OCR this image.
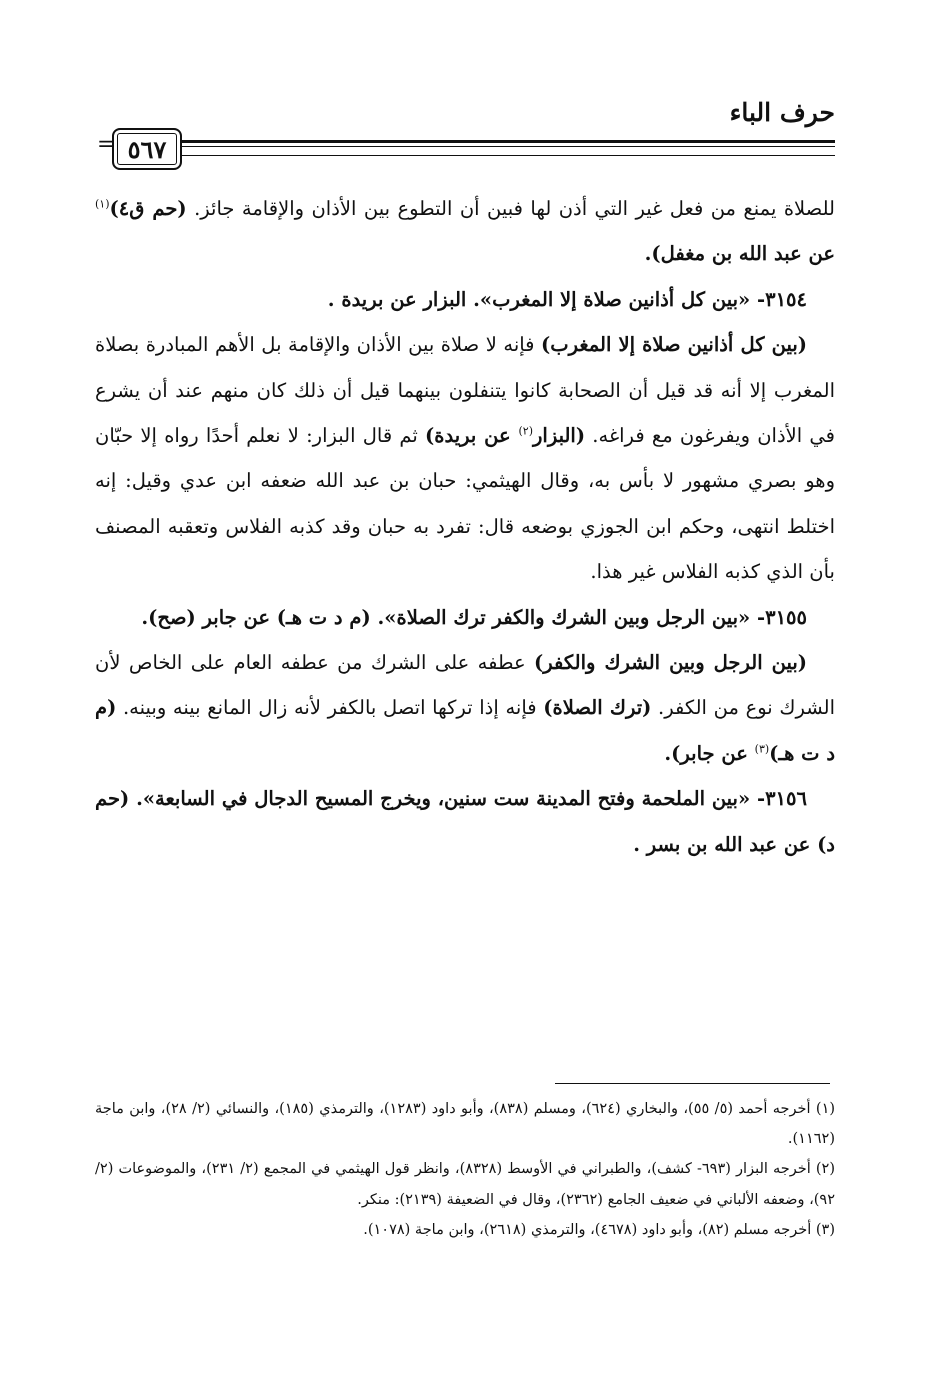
حرف الباء
٥٦٧
=

للصلاة يمنع من فعل غير التي أذن لها فبين أن التطوع بين الأذان والإقامة جائز. (حم ق٤)$^{(١)}$ عن عبد الله بن مغفل).

٣١٥٤- «بين كل أذانين صلاة إلا المغرب». البزار عن بريدة .

(بين كل أذانين صلاة إلا المغرب) فإنه لا صلاة بين الأذان والإقامة بل الأهم المبادرة بصلاة المغرب إلا أنه قد قيل أن الصحابة كانوا يتنفلون بينهما قيل أن ذلك كان منهم عند أن يشرع في الأذان ويفرغون مع فراغه. (البزار$^{(٢)}$ عن بريدة) ثم قال البزار: لا نعلم أحدًا رواه إلا حبّان وهو بصري مشهور لا بأس به، وقال الهيثمي: حبان بن عبد الله ضعفه ابن عدي وقيل: إنه اختلط انتهى، وحكم ابن الجوزي بوضعه قال: تفرد به حبان وقد كذبه الفلاس وتعقبه المصنف بأن الذي كذبه الفلاس غير هذا.

٣١٥٥- «بين الرجل وبين الشرك والكفر ترك الصلاة». (م د ت هـ) عن جابر (صح).

(بين الرجل وبين الشرك والكفر) عطفه على الشرك من عطفه العام على الخاص لأن الشرك نوع من الكفر. (ترك الصلاة) فإنه إذا تركها اتصل بالكفر لأنه زال المانع بينه وبينه. (م د ت هـ)$^{(٣)}$ عن جابر).

٣١٥٦- «بين الملحمة وفتح المدينة ست سنين، ويخرج المسيح الدجال في السابعة». (حم د) عن عبد الله بن بسر .

(١) أخرجه أحمد (٥/ ٥٥)، والبخاري (٦٢٤)، ومسلم (٨٣٨)، وأبو داود (١٢٨٣)، والترمذي (١٨٥)، والنسائي (٢/ ٢٨)، وابن ماجة (١١٦٢).

(٢) أخرجه البزار (٦٩٣- كشف)، والطبراني في الأوسط (٨٣٢٨)، وانظر قول الهيثمي في المجمع (٢/ ٢٣١)، والموضوعات (٢/ ٩٢)، وضعفه الألباني في ضعيف الجامع (٢٣٦٢)، وقال في الضعيفة (٢١٣٩): منكر.

(٣) أخرجه مسلم (٨٢)، وأبو داود (٤٦٧٨)، والترمذي (٢٦١٨)، وابن ماجة (١٠٧٨).
